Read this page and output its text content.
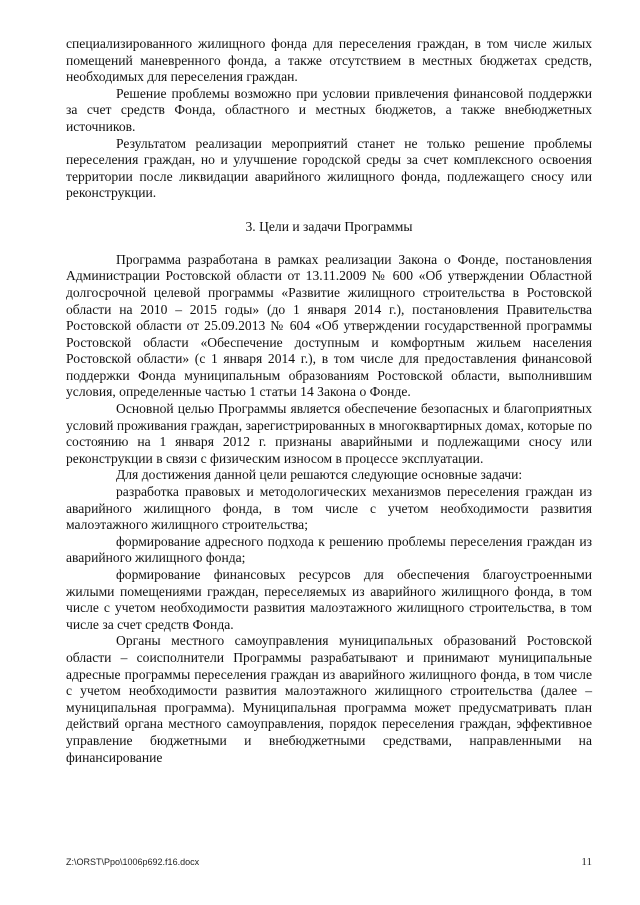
специализированного жилищного фонда для переселения граждан, в том числе жилых помещений маневренного фонда, а также отсутствием в местных бюджетах средств, необходимых для переселения граждан.

Решение проблемы возможно при условии привлечения финансовой поддержки за счет средств Фонда, областного и местных бюджетов, а также внебюджетных источников.

Результатом реализации мероприятий станет не только решение проблемы переселения граждан, но и улучшение городской среды за счет комплексного освоения территории после ликвидации аварийного жилищного фонда, подлежащего сносу или реконструкции.

3. Цели и задачи Программы

Программа разработана в рамках реализации Закона о Фонде, постановления Администрации Ростовской области от 13.11.2009 № 600 «Об утверждении Областной долгосрочной целевой программы «Развитие жилищного строительства в Ростовской области на 2010 – 2015 годы» (до 1 января 2014 г.), постановления Правительства Ростовской области от 25.09.2013 № 604 «Об утверждении государственной программы Ростовской области «Обеспечение доступным и комфортным жильем населения Ростовской области» (с 1 января 2014 г.), в том числе для предоставления финансовой поддержки Фонда муниципальным образованиям Ростовской области, выполнившим условия, определенные частью 1 статьи 14 Закона о Фонде.

Основной целью Программы является обеспечение безопасных и благоприятных условий проживания граждан, зарегистрированных в многоквартирных домах, которые по состоянию на 1 января 2012 г. признаны аварийными и подлежащими сносу или реконструкции в связи с физическим износом в процессе эксплуатации.

Для достижения данной цели решаются следующие основные задачи:

разработка правовых и методологических механизмов переселения граждан из аварийного жилищного фонда, в том числе с учетом необходимости развития малоэтажного жилищного строительства;

формирование адресного подхода к решению проблемы переселения граждан из аварийного жилищного фонда;

формирование финансовых ресурсов для обеспечения благоустроенными жилыми помещениями граждан, переселяемых из аварийного жилищного фонда, в том числе с учетом необходимости развития малоэтажного жилищного строительства, в том числе за счет средств Фонда.

Органы местного самоуправления муниципальных образований Ростовской области – соисполнители Программы разрабатывают и принимают муниципальные адресные программы переселения граждан из аварийного жилищного фонда, в том числе с учетом необходимости развития малоэтажного жилищного строительства (далее – муниципальная программа). Муниципальная программа может предусматривать план действий органа местного самоуправления, порядок переселения граждан, эффективное управление бюджетными и внебюджетными средствами, направленными на финансирование

Z:\ORST\Ppo\1006p692.f16.docx	11
